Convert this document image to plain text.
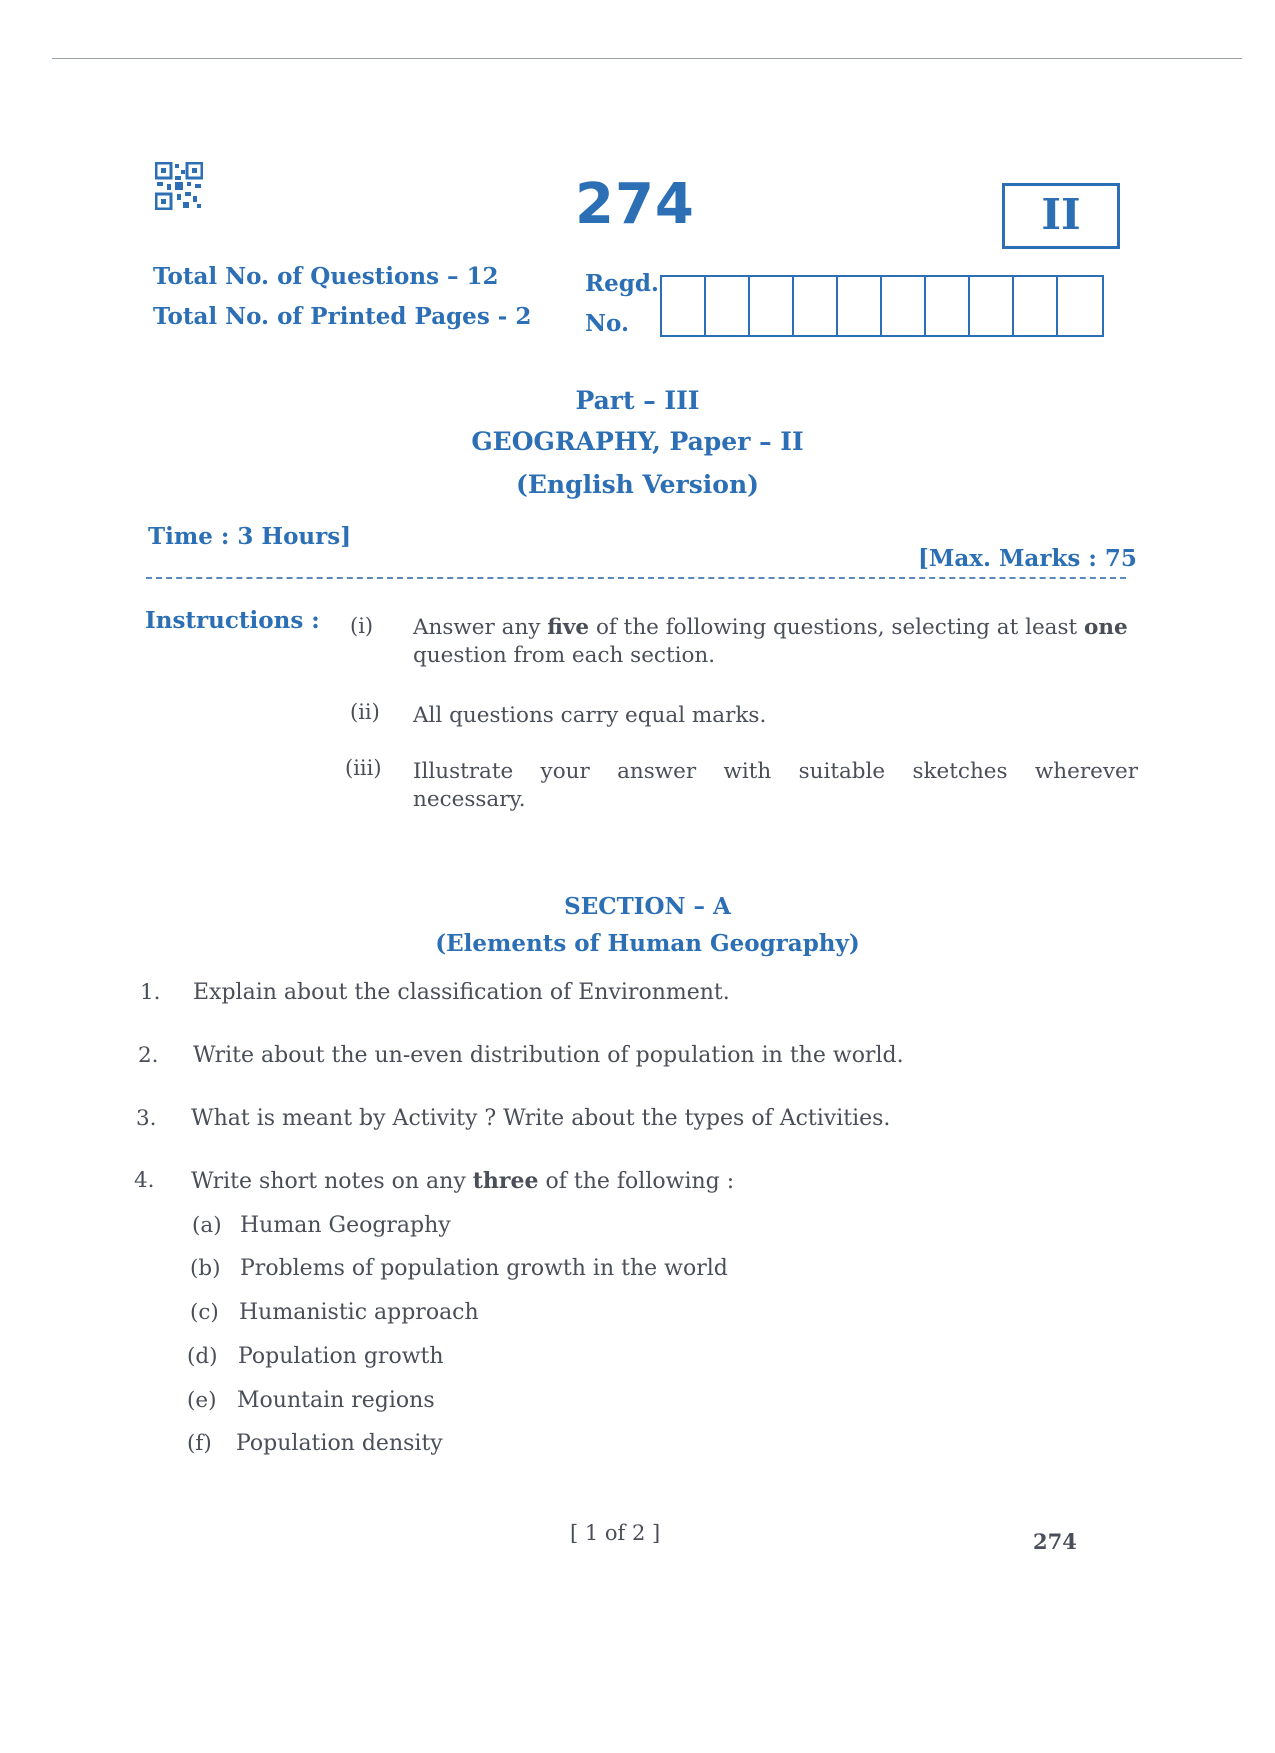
274	II
Total No. of Questions – 12
Total No. of Printed Pages - 2
Regd.
No.
Part – III
GEOGRAPHY, Paper – II
(English Version)
Time : 3 Hours]
[Max. Marks : 75
Instructions : (i) Answer any five of the following questions, selecting at least one question from each section.
(ii) All questions carry equal marks.
(iii) Illustrate your answer with suitable sketches wherever necessary.
SECTION – A
(Elements of Human Geography)
1. Explain about the classification of Environment.
2. Write about the un-even distribution of population in the world.
3. What is meant by Activity ? Write about the types of Activities.
4. Write short notes on any three of the following :
(a) Human Geography
(b) Problems of population growth in the world
(c) Humanistic approach
(d) Population growth
(e) Mountain regions
(f) Population density
[ 1 of 2 ]	274
